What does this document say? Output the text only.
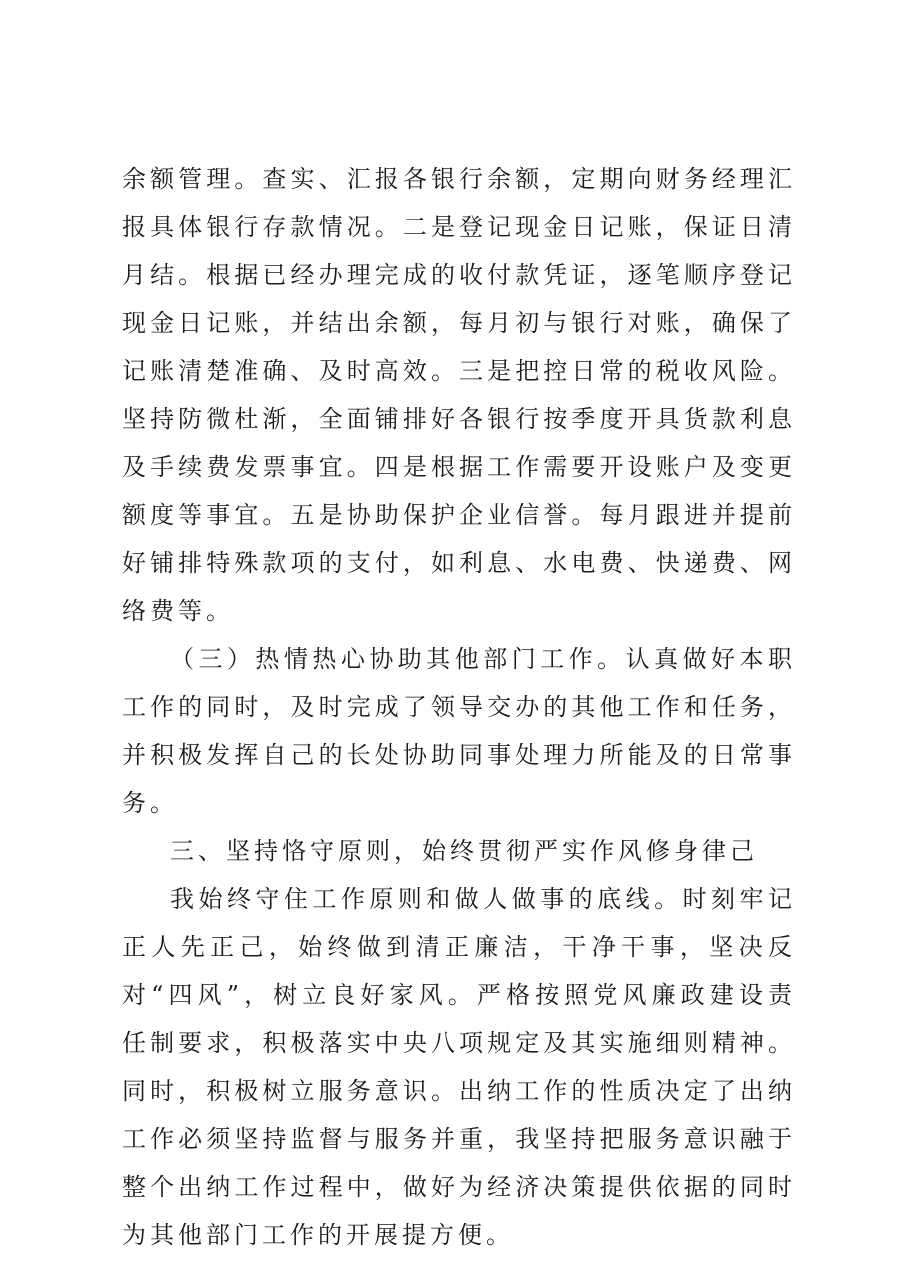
余额管理。查实、汇报各银行余额，定期向财务经理汇报具体银行存款情况。二是登记现金日记账，保证日清月结。根据已经办理完成的收付款凭证，逐笔顺序登记现金日记账，并结出余额，每月初与银行对账，确保了记账清楚准确、及时高效。三是把控日常的税收风险。坚持防微杜渐，全面铺排好各银行按季度开具货款利息及手续费发票事宜。四是根据工作需要开设账户及变更额度等事宜。五是协助保护企业信誉。每月跟进并提前好铺排特殊款项的支付，如利息、水电费、快递费、网络费等。

（三）热情热心协助其他部门工作。认真做好本职工作的同时，及时完成了领导交办的其他工作和任务，并积极发挥自己的长处协助同事处理力所能及的日常事务。

三、坚持恪守原则，始终贯彻严实作风修身律己

我始终守住工作原则和做人做事的底线。时刻牢记正人先正己，始终做到清正廉洁，干净干事，坚决反对“四风”，树立良好家风。严格按照党风廉政建设责任制要求，积极落实中央八项规定及其实施细则精神。同时，积极树立服务意识。出纳工作的性质决定了出纳工作必须坚持监督与服务并重，我坚持把服务意识融于整个出纳工作过程中，做好为经济决策提供依据的同时为其他部门工作的开展提方便。
